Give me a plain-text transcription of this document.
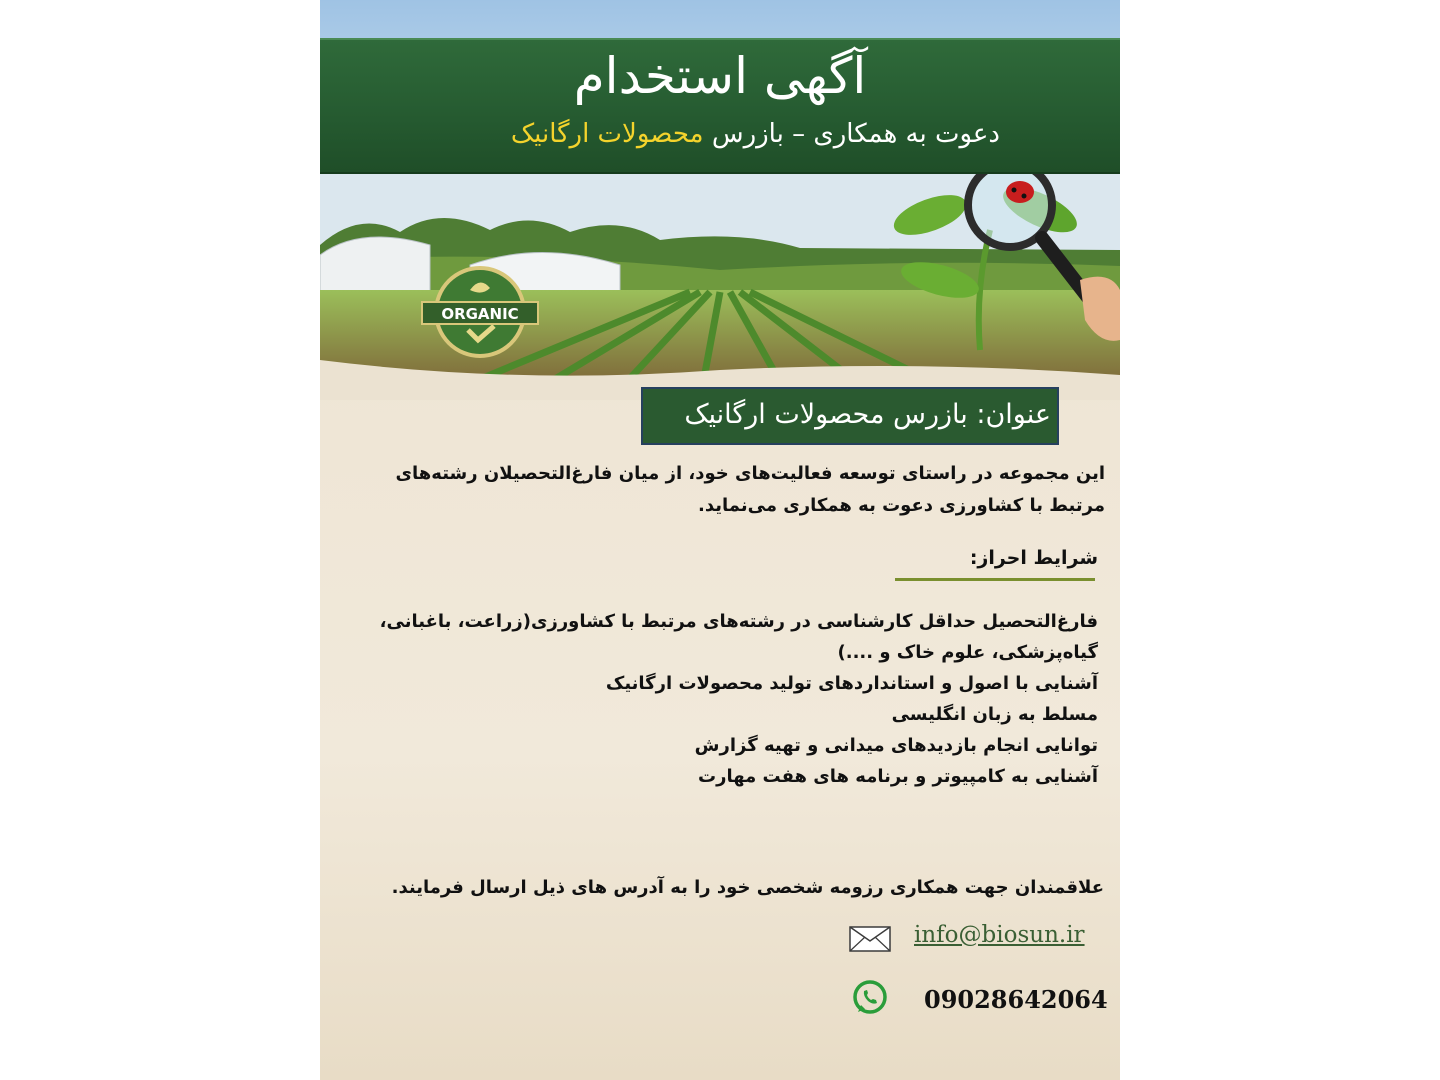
ORGANIC
آگهی استخدام
دعوت به همکاری – بازرس محصولات ارگانیک
عنوان: بازرس محصولات ارگانیک
این مجموعه در راستای توسعه فعالیت‌های خود، از میان فارغ‌التحصیلان رشته‌های مرتبط با کشاورزی دعوت به همکاری می‌نماید.
شرایط احراز:
فارغ‌التحصیل حداقل کارشناسی در رشته‌های مرتبط با کشاورزی(زراعت، باغبانی، گیاه‌پزشکی، علوم خاک و ....)
آشنایی با اصول و استانداردهای تولید محصولات ارگانیک
مسلط به زبان انگلیسی
توانایی انجام بازدیدهای میدانی و تهیه گزارش
آشنایی به کامپیوتر و برنامه های هفت مهارت
علاقمندان جهت همکاری رزومه شخصی خود را به آدرس های ذیل ارسال فرمایند.
info@biosun.ir
09028642064
